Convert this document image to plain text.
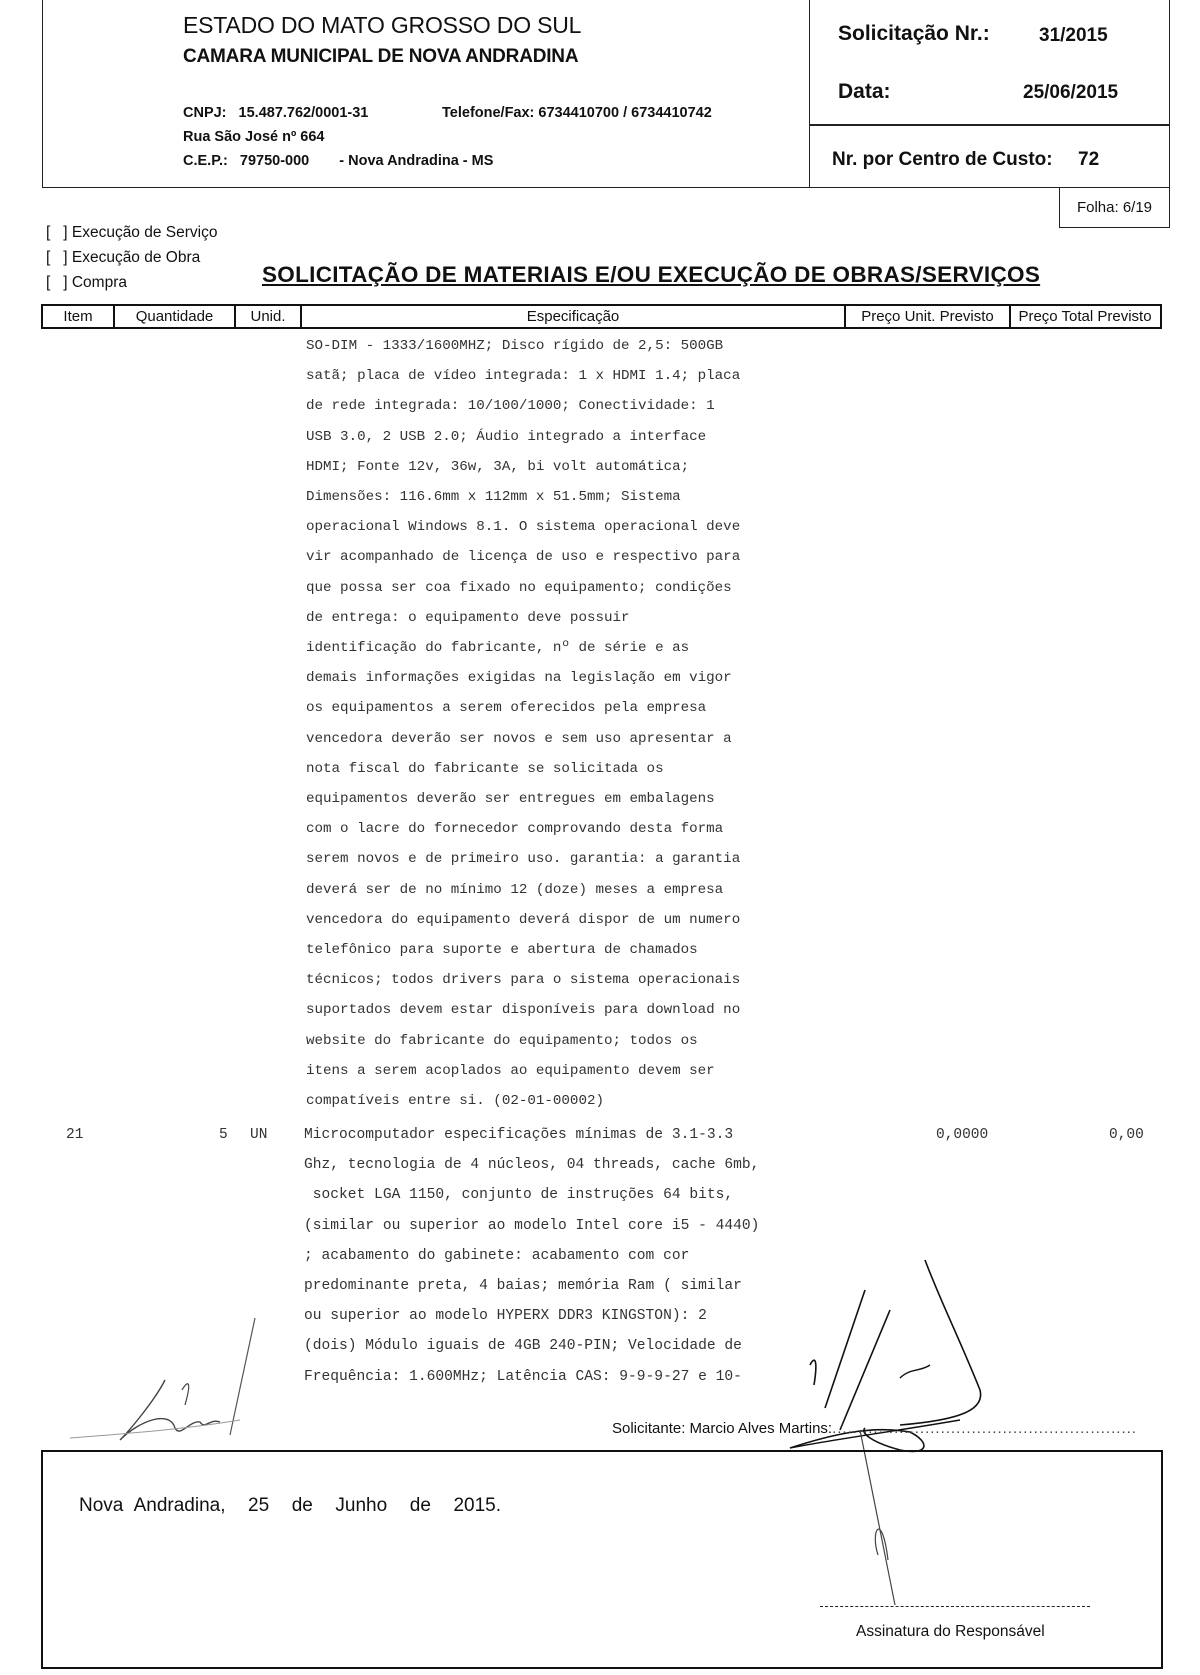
ESTADO DO MATO GROSSO DO SUL
CAMARA MUNICIPAL DE NOVA ANDRADINA
CNPJ: 15.487.762/0001-31	Telefone/Fax: 6734410700 / 6734410742
Rua São José nº 664
C.E.P.: 79750-000 - Nova Andradina - MS
Solicitação Nr.:	31/2015
Data:	25/06/2015
Nr. por Centro de Custo: 72
Folha:
6/19
[   ] Execução de Serviço
[   ] Execução de Obra
[   ] Compra	SOLICITAÇÃO DE MATERIAIS E/OU EXECUÇÃO DE OBRAS/SERVIÇOS
Item	Quantidade	Unid.	Especificação	Preço Unit. Previsto	Preço Total Previsto
SO-DIM - 1333/1600MHZ; Disco rígido de 2,5: 500GB
satã; placa de vídeo integrada: 1 x HDMI 1.4; placa
de rede integrada: 10/100/1000; Conectividade: 1
USB 3.0, 2 USB 2.0; Áudio integrado a interface
HDMI; Fonte 12v, 36w, 3A, bi volt automática;
Dimensões: 116.6mm x 112mm x 51.5mm; Sistema
operacional Windows 8.1. O sistema operacional deve
vir acompanhado de licença de uso e respectivo para
que possa ser coa fixado no equipamento; condições
de entrega: o equipamento deve possuir
identificação do fabricante, nº de série e as
demais informações exigidas na legislação em vigor
os equipamentos a serem oferecidos pela empresa
vencedora deverão ser novos e sem uso apresentar a
nota fiscal do fabricante se solicitada os
equipamentos deverão ser entregues em embalagens
com o lacre do fornecedor comprovando desta forma
serem novos e de primeiro uso. garantia: a garantia
deverá ser de no mínimo 12 (doze) meses a empresa
vencedora do equipamento deverá dispor de um numero
telefônico para suporte e abertura de chamados
técnicos; todos drivers para o sistema operacionais
suportados devem estar disponíveis para download no
website do fabricante do equipamento; todos os
itens a serem acoplados ao equipamento devem ser
compatíveis entre si. (02-01-00002)
21	5 UN	Microcomputador especificações mínimas de 3.1-3.3
Ghz, tecnologia de 4 núcleos, 04 threads, cache 6mb,
socket LGA 1150, conjunto de instruções 64 bits,
(similar ou superior ao modelo Intel core i5 - 4440)
; acabamento do gabinete: acabamento com cor
predominante preta, 4 baias; memória Ram ( similar
ou superior ao modelo HYPERX DDR3 KINGSTON): 2
(dois) Módulo iguais de 4GB 240-PIN; Velocidade de
Frequência: 1.600MHz; Latência CAS: 9-9-9-27 e 10-
0,0000	0,00
Solicitante: Marcio Alves Martins:...........................................................
Nova Andradina,  25  de  Junho  de  2015.
Assinatura do Responsável
